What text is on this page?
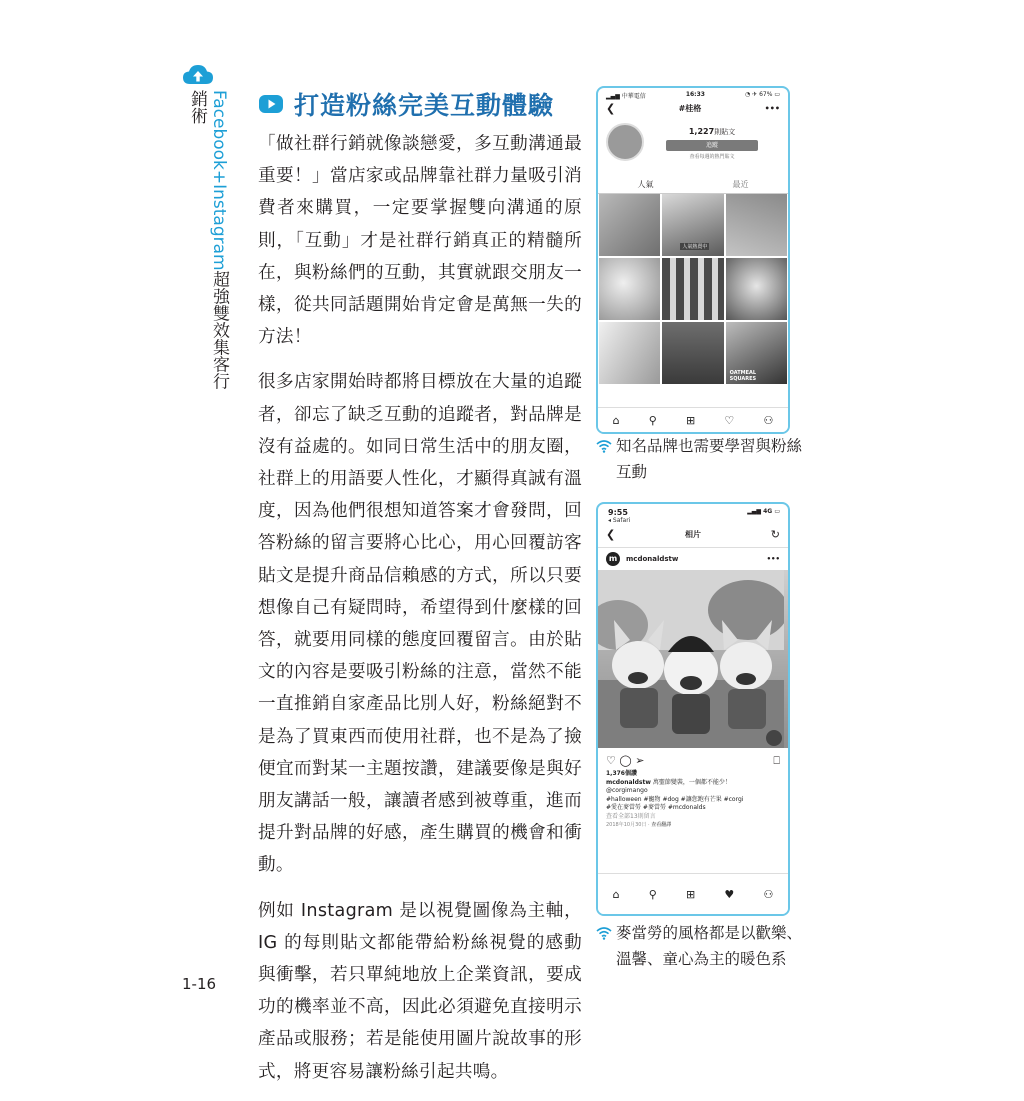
Facebook+Instagram超強雙效集客行銷術	打造粉絲完美互動體驗

「做社群行銷就像談戀愛，多互動溝通最重要！」當店家或品牌靠社群力量吸引消費者來購買，一定要掌握雙向溝通的原則，「互動」才是社群行銷真正的精髓所在，與粉絲們的互動，其實就跟交朋友一樣，從共同話題開始肯定會是萬無一失的方法！

很多店家開始時都將目標放在大量的追蹤者，卻忘了缺乏互動的追蹤者，對品牌是沒有益處的。如同日常生活中的朋友圈，社群上的用語要人性化，才顯得真誠有溫度，因為他們很想知道答案才會發問，回答粉絲的留言要將心比心，用心回覆訪客貼文是提升商品信賴感的方式，所以只要想像自己有疑問時，希望得到什麼樣的回答，就要用同樣的態度回覆留言。由於貼文的內容是要吸引粉絲的注意，當然不能一直推銷自家產品比別人好，粉絲絕對不是為了買東西而使用社群，也不是為了撿便宜而對某一主題按讚，建議要像是與好朋友講話一般，讓讀者感到被尊重，進而提升對品牌的好感，產生購買的機會和衝動。

例如 Instagram 是以視覺圖像為主軸，IG 的每則貼文都能帶給粉絲視覺的感動與衝擊，若只單純地放上企業資訊，要成功的機率並不高，因此必須避免直接明示產品或服務；若是能使用圖片說故事的形式，將更容易讓粉絲引起共鳴。

▂▄▆ 中華電信	16:33	◔ ✈ 67% ▭
❮	#桂格	•••
1,227則貼文
追蹤
查看每週的熱門貼文
人氣	最近
人氣熱賣中
OATMEAL SQUARES
⌂	⚲	⊞	♡	⚇
知名品牌也需要學習與粉絲互動
9:55	▂▄▆ 4G ▭
◂ Safari
❮	相片	↻
m	mcdonaldstw	•••
♡ ◯ ➢	⎕
1,376個讚
mcdonaldstw 萬聖節變裝，一個都不能少！
@corgimango
#halloween #寵物 #dog #讓您跑有芒果 #corgi
#愛在麥當勞 #麥當勞 #mcdonalds
查看全部13則留言
2018年10月30日 · 查看翻譯
⌂	⚲	⊞	♥	⚇
麥當勞的風格都是以歡樂、溫馨、童心為主的暖色系
1-16
